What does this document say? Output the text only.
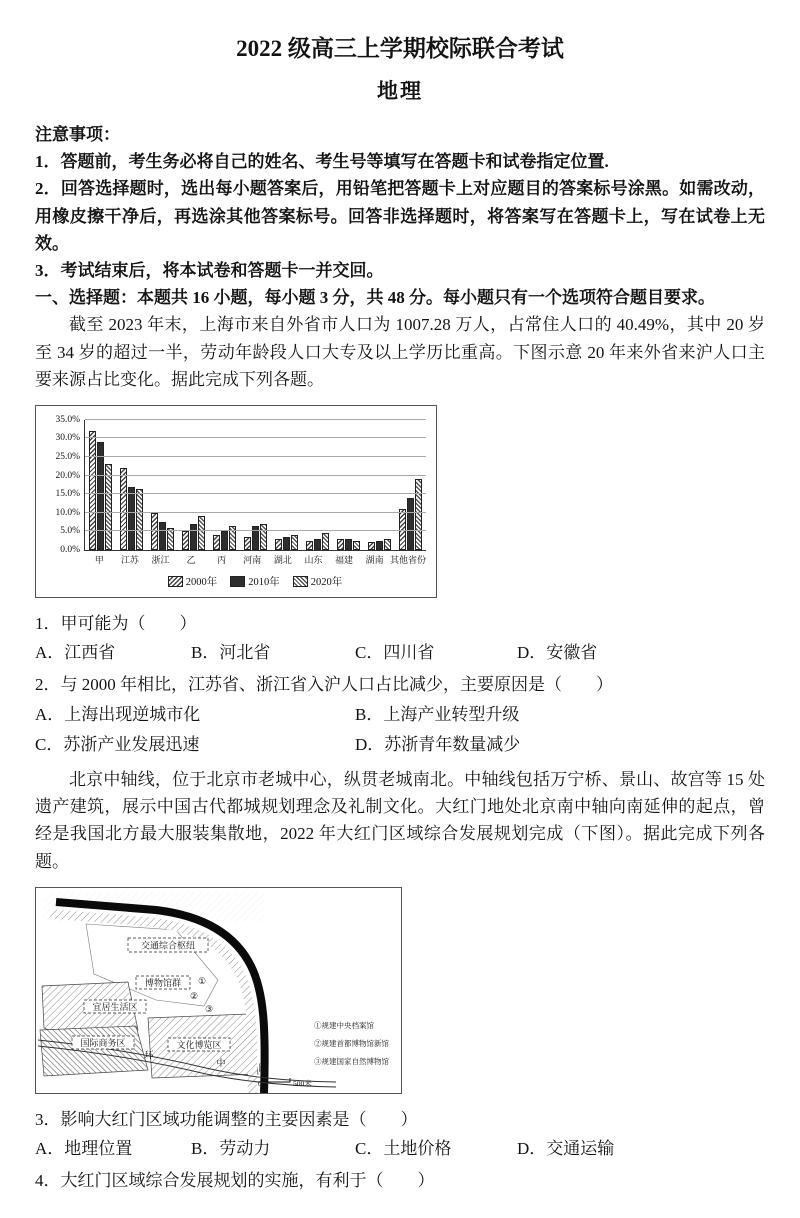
2022 级高三上学期校际联合考试
地理

注意事项：

1．答题前，考生务必将自己的姓名、考生号等填写在答题卡和试卷指定位置.

2．回答选择题时，选出每小题答案后，用铅笔把答题卡上对应题目的答案标号涂黑。如需改动，用橡皮擦干净后，再选涂其他答案标号。回答非选择题时，将答案写在答题卡上，写在试卷上无效。

3．考试结束后，将本试卷和答题卡一并交回。

一、选择题：本题共 16 小题，每小题 3 分，共 48 分。每小题只有一个选项符合题目要求。

截至 2023 年末，上海市来自外省市人口为 1007.28 万人，占常住人口的 40.49%，其中 20 岁至 34 岁的超过一半，劳动年龄段人口大专及以上学历比重高。下图示意 20 年来外省来沪人口主要来源占比变化。据此完成下列各题。

35.0%
30.0%
25.0%
20.0%
15.0%
10.0%
5.0%
0.0%
甲	江苏	浙江	乙	丙	河南	湖北	山东	福建	湖南 其他省份
2000年	2010年	2020年

1．甲可能为（　　）

A．江西省	B．河北省	C．四川省	D．安徽省

2．与 2000 年相比，江苏省、浙江省入沪人口占比减少，主要原因是（　　）

A．上海出现逆城市化	B．上海产业转型升级
C．苏浙产业发展迅速	D．苏浙青年数量减少

北京中轴线，位于北京市老城中心，纵贯老城南北。中轴线包括万宁桥、景山、故宫等 15 处遗产建筑，展示中国古代都城规划理念及礼制文化。大红门地处北京南中轴向南延伸的起点，曾经是我国北方最大服装集散地，2022 年大红门区域综合发展规划完成（下图）。据此完成下列各题。

交通综合枢纽
博物馆群
宜居生活区
国际商务区	文化博览区
①
②
③
环
中	路
①规建中央档案馆
②规建首都博物馆新馆
③规建国家自然博物馆
0	500米

3．影响大红门区域功能调整的主要因素是（　　）

A．地理位置	B．劳动力	C．土地价格	D．交通运输

4．大红门区域综合发展规划的实施，有利于（　　）
